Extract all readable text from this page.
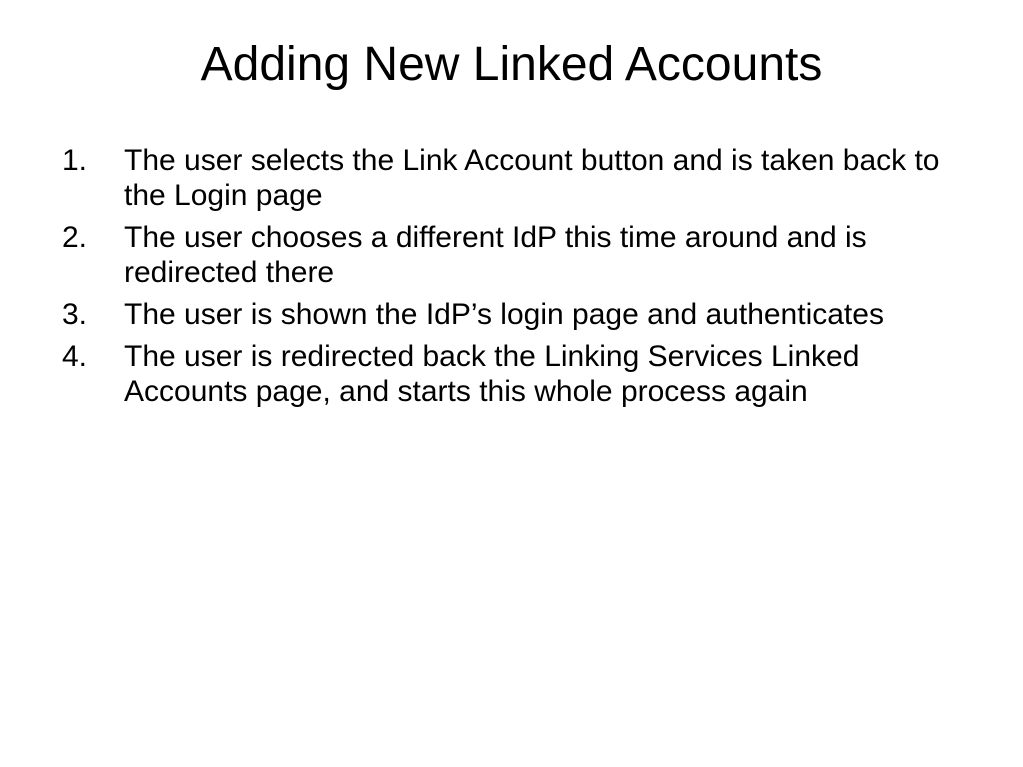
Adding New Linked Accounts
1.	The user selects the Link Account button and is taken back to the Login page
2.	The user chooses a different IdP this time around and is redirected there
3.	The user is shown the IdP’s login page and authenticates
4.	The user is redirected back the Linking Services Linked Accounts page, and starts this whole process again
